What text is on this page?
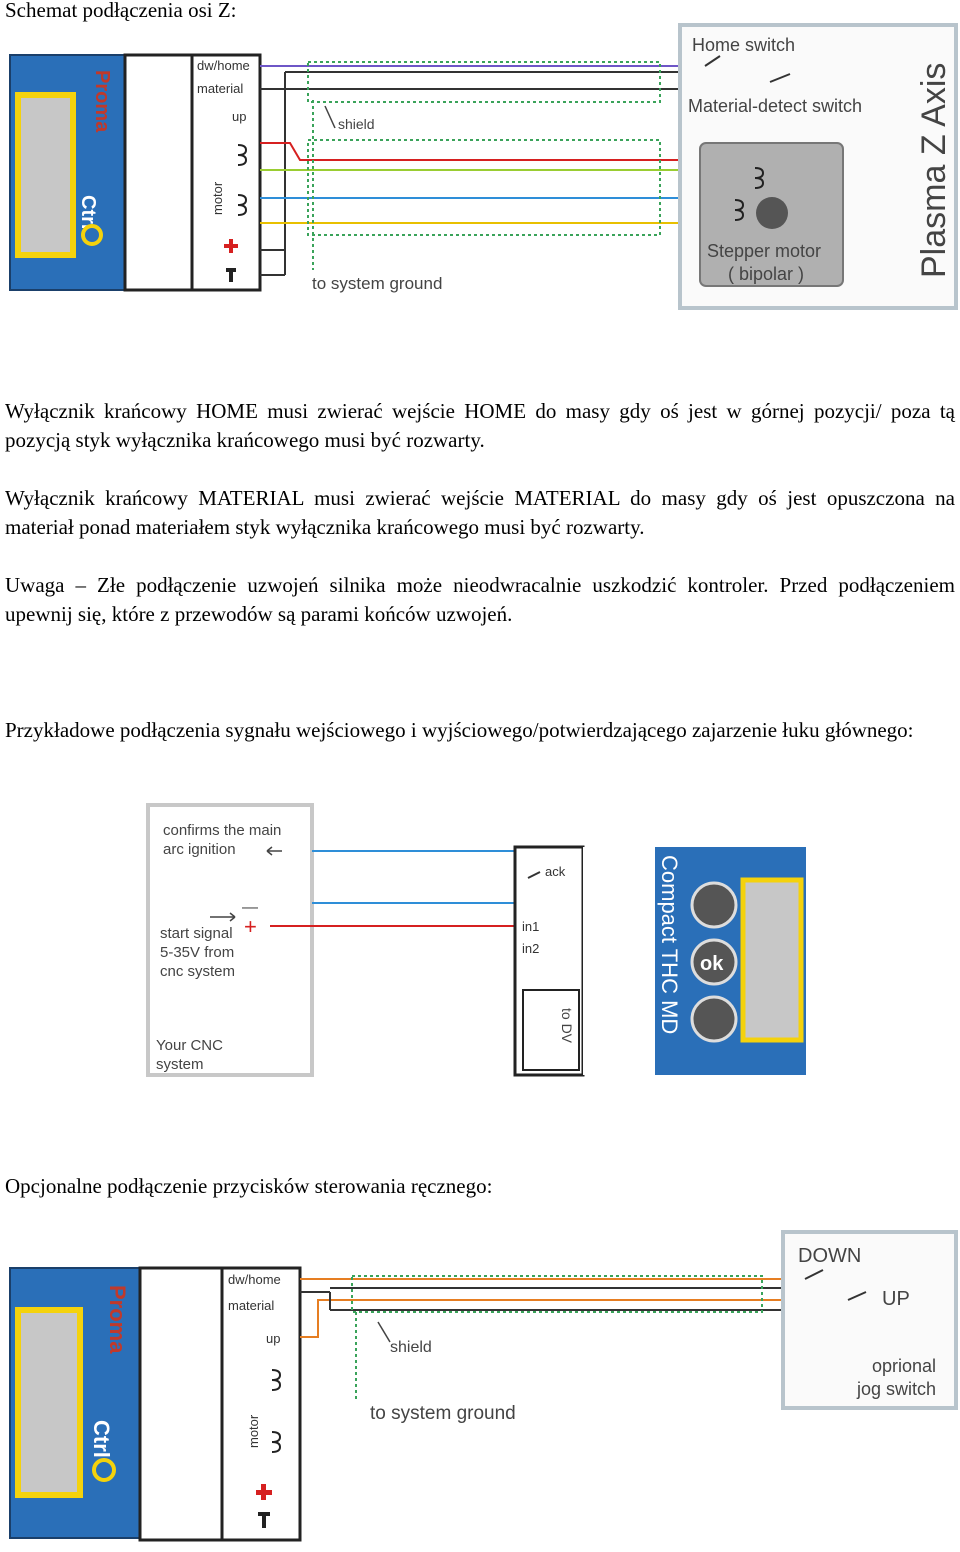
Schemat podłączenia osi Z:

Proma
Ctrl
dw/home
material
up
motor
shield
to system ground
Home switch
Material-detect switch
Stepper motor
( bipolar )	Plasma Z Axis

Wyłącznik krańcowy HOME musi zwierać wejście HOME do masy gdy oś jest w górnej pozycji/ poza tą pozycją styk wyłącznika krańcowego musi być rozwarty.

Wyłącznik krańcowy MATERIAL musi zwierać wejście MATERIAL do masy gdy oś jest opuszczona na materiał ponad materiałem styk wyłącznika krańcowego musi być rozwarty.

Uwaga – Złe podłączenie uzwojeń silnika może nieodwracalnie uszkodzić kontroler. Przed podłączeniem upewnij się, które z przewodów są parami końców uzwojeń.

Przykładowe podłączenia sygnału wejściowego i wyjściowego/potwierdzającego zajarzenie łuku głównego:

confirms the main
arc ignition
start signal
5-35V from
cnc system
Your CNC
system
—
+
ack
in1
in2
to DV	Compact THC MD ok

Opcjonalne podłączenie przycisków sterowania ręcznego:

Proma
Ctrl
dw/home
material
up
motor
shield
to system ground
DOWN
UP
oprional
jog switch
